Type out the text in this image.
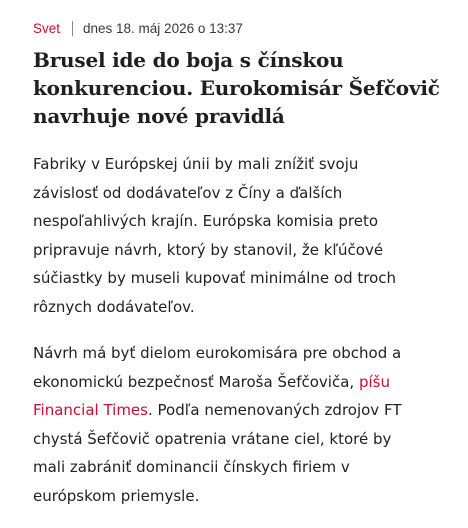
Svet dnes 18. máj 2026 o 13:37
Brusel ide do boja s čínskou konkurenciou. Eurokomisár Šefčovič navrhuje nové pravidlá

Fabriky v Európskej únii by mali znížiť svoju závislosť od dodávateľov z Číny a ďalších nespoľahlivých krajín. Európska komisia preto pripravuje návrh, ktorý by stanovil, že kľúčové súčiastky by museli kupovať minimálne od troch rôznych dodávateľov.

Návrh má byť dielom eurokomisára pre obchod a ekonomickú bezpečnosť Maroša Šefčoviča, píšu Financial Times. Podľa nemenovaných zdrojov FT chystá Šefčovič opatrenia vrátane ciel, ktoré by mali zabrániť dominancii čínskych firiem v európskom priemysle.
